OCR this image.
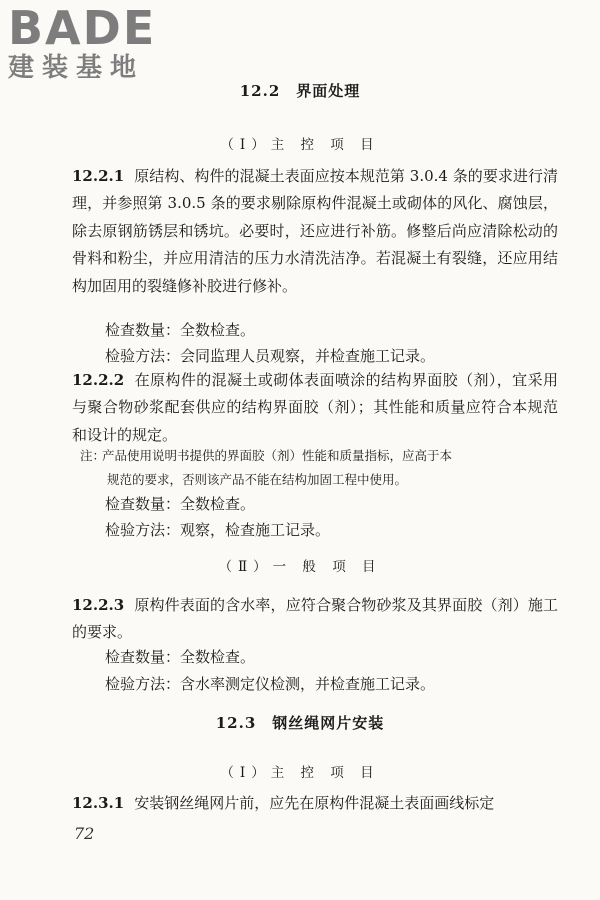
BADE
建装基地
12.2 界面处理
（Ⅰ）主 控 项 目
12.2.1 原结构、构件的混凝土表面应按本规范第 3.0.4 条的要求进行清理，并参照第 3.0.5 条的要求剔除原构件混凝土或砌体的风化、腐蚀层，除去原钢筋锈层和锈坑。必要时，还应进行补筋。修整后尚应清除松动的骨料和粉尘，并应用清洁的压力水清洗洁净。若混凝土有裂缝，还应用结构加固用的裂缝修补胶进行修补。
检查数量：全数检查。
检验方法：会同监理人员观察，并检查施工记录。
12.2.2 在原构件的混凝土或砌体表面喷涂的结构界面胶（剂），宜采用与聚合物砂浆配套供应的结构界面胶（剂）；其性能和质量应符合本规范和设计的规定。
注：产品使用说明书提供的界面胶（剂）性能和质量指标，应高于本
规范的要求，否则该产品不能在结构加固工程中使用。
检查数量：全数检查。
检验方法：观察，检查施工记录。
（Ⅱ）一 般 项 目
12.2.3 原构件表面的含水率，应符合聚合物砂浆及其界面胶（剂）施工的要求。
检查数量：全数检查。
检验方法：含水率测定仪检测，并检查施工记录。
12.3 钢丝绳网片安装
（Ⅰ）主 控 项 目
12.3.1 安装钢丝绳网片前，应先在原构件混凝土表面画线标定
72
